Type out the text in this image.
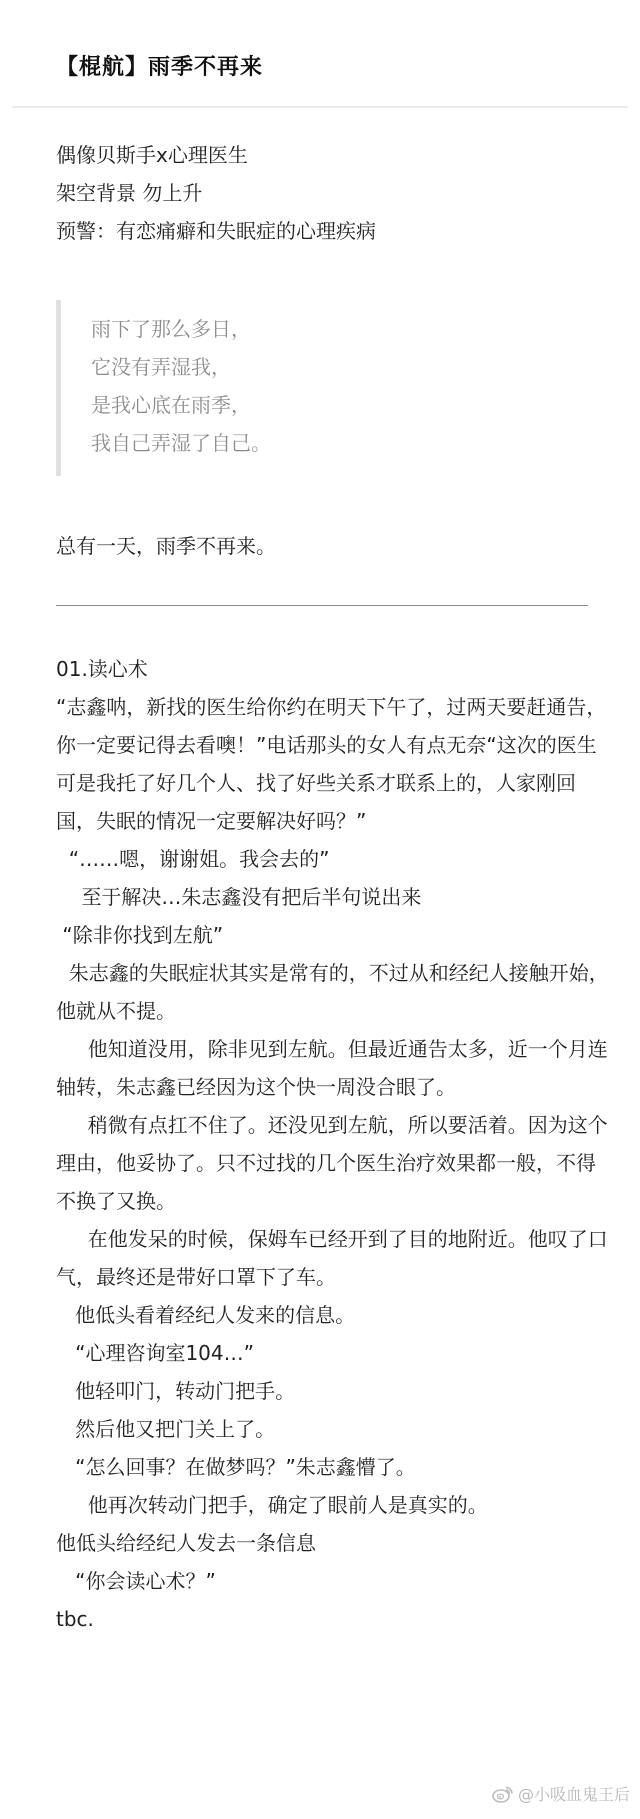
【棍航】雨季不再来
偶像贝斯手x心理医生
架空背景 勿上升
预警：有恋痛癖和失眠症的心理疾病
雨下了那么多日，
它没有弄湿我，
是我心底在雨季，
我自己弄湿了自己。
总有一天，雨季不再来。
01.读心术
“志鑫呐，新找的医生给你约在明天下午了，过两天要赶通告，你一定要记得去看噢！”电话那头的女人有点无奈“这次的医生可是我托了好几个人、找了好些关系才联系上的，人家刚回国，失眠的情况一定要解决好吗？”
“……嗯，谢谢姐。我会去的”
至于解决…朱志鑫没有把后半句说出来
“除非你找到左航”
朱志鑫的失眠症状其实是常有的，不过从和经纪人接触开始，他就从不提。
他知道没用，除非见到左航。但最近通告太多，近一个月连轴转，朱志鑫已经因为这个快一周没合眼了。
稍微有点扛不住了。还没见到左航，所以要活着。因为这个理由，他妥协了。只不过找的几个医生治疗效果都一般，不得不换了又换。
在他发呆的时候，保姆车已经开到了目的地附近。他叹了口气，最终还是带好口罩下了车。
他低头看着经纪人发来的信息。
“心理咨询室104…”
他轻叩门，转动门把手。
然后他又把门关上了。
“怎么回事？在做梦吗？”朱志鑫懵了。
他再次转动门把手，确定了眼前人是真实的。
他低头给经纪人发去一条信息
“你会读心术？”
tbc.
@小吸血鬼王后
